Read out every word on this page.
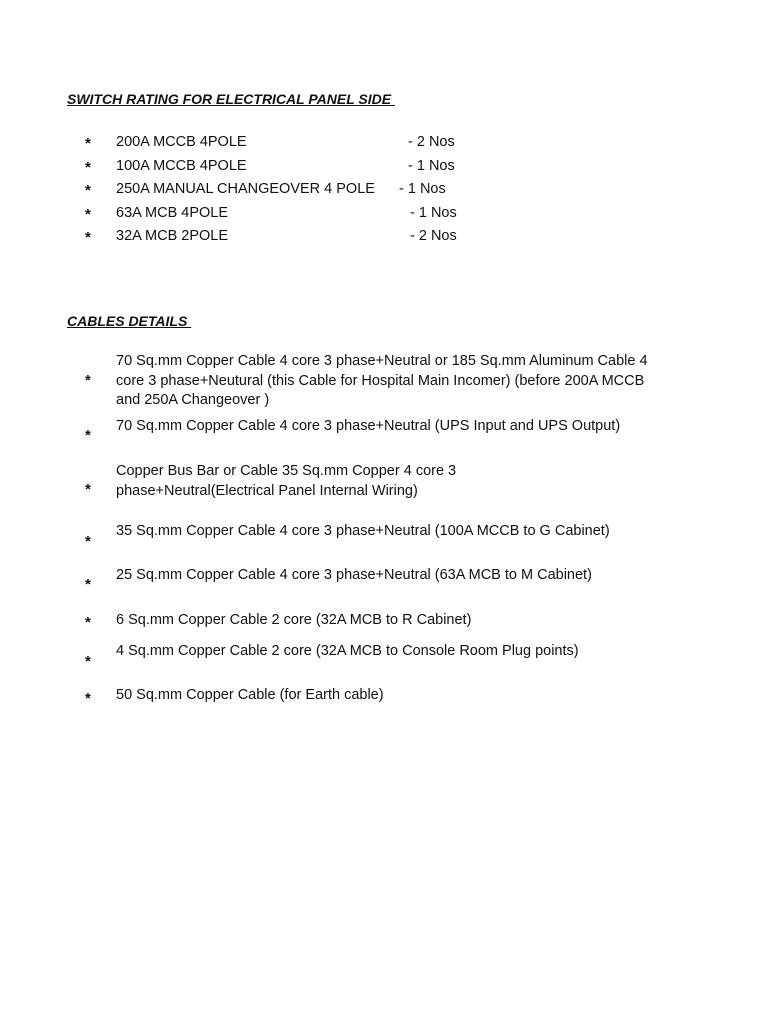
SWITCH RATING FOR ELECTRICAL PANEL SIDE
* 200A MCCB 4POLE	- 2 Nos
* 100A MCCB 4POLE	- 1 Nos
* 250A MANUAL CHANGEOVER 4 POLE - 1 Nos
* 63A MCB 4POLE	- 1 Nos
* 32A MCB 2POLE	- 2 Nos
CABLES DETAILS
*
70 Sq.mm Copper Cable 4 core 3 phase+Neutral or 185 Sq.mm Aluminum Cable 4 core 3 phase+Neutural (this Cable for Hospital Main Incomer) (before 200A MCCB and 250A Changeover )
*
70 Sq.mm Copper Cable 4 core 3 phase+Neutral (UPS Input and UPS Output)
*
Copper Bus Bar or Cable 35 Sq.mm Copper 4 core 3 phase+Neutral(Electrical Panel Internal Wiring)
*
35 Sq.mm Copper Cable 4 core 3 phase+Neutral (100A MCCB to G Cabinet)
*
25 Sq.mm Copper Cable 4 core 3 phase+Neutral (63A MCB to M Cabinet)
* 6 Sq.mm Copper Cable 2 core (32A MCB to R Cabinet)
*
4 Sq.mm Copper Cable 2 core (32A MCB to Console Room Plug points)
* 50 Sq.mm Copper Cable (for Earth cable)
